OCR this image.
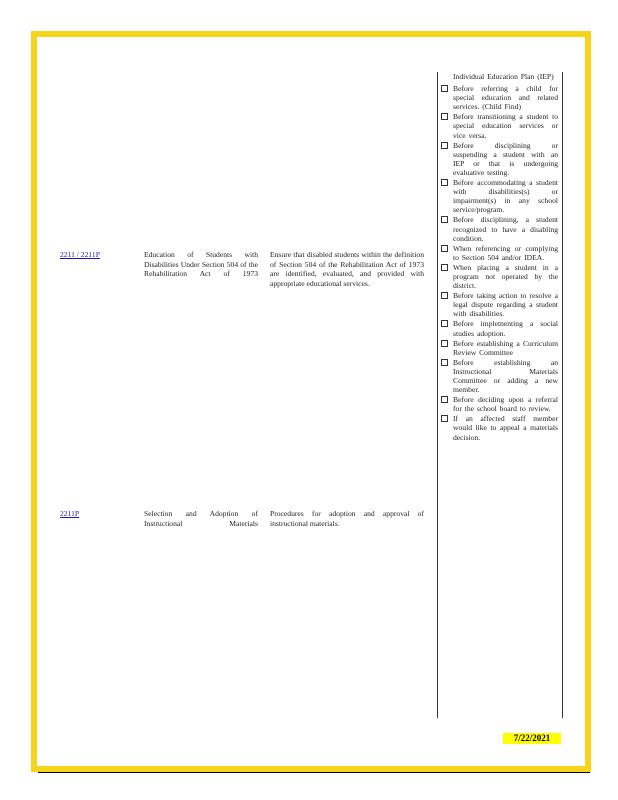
2211 / 2211P	Education of Students with Disabilities Under Section 504 of the Rehabilitation Act of 1973
Ensure that disabled students within the definition of Section 504 of the Rehabilitation Act of 1973 are identified, evaluated, and provided with appropriate educational services.
2211P	Selection and Adoption of Instructional Materials
Procedures for adoption and approval of instructional materials.
Individual Education Plan (IEP)
Before referring a child for special education and related services. (Child Find)
Before transitioning a student to special education services or vice versa.
Before disciplining or suspending a student with an IEP or that is undergoing evaluative testing.
Before accommodating a student with disabilities(s) or impairment(s) in any school service/program.
Before disciplining, a student recognized to have a disabling condition.
When referencing or complying to Section 504 and/or IDEA.
When placing a student in a program not operated by the district.
Before taking action to resolve a legal dispute regarding a student with disabilities.
Before implementing a social studies adoption.
Before establishing a Curriculum Review Committee
Before establishing an Instructional Materials Committee or adding a new member.
Before deciding upon a referral for the school board to review.
If an affected staff member would like to appeal a materials decision.
7/22/2021
